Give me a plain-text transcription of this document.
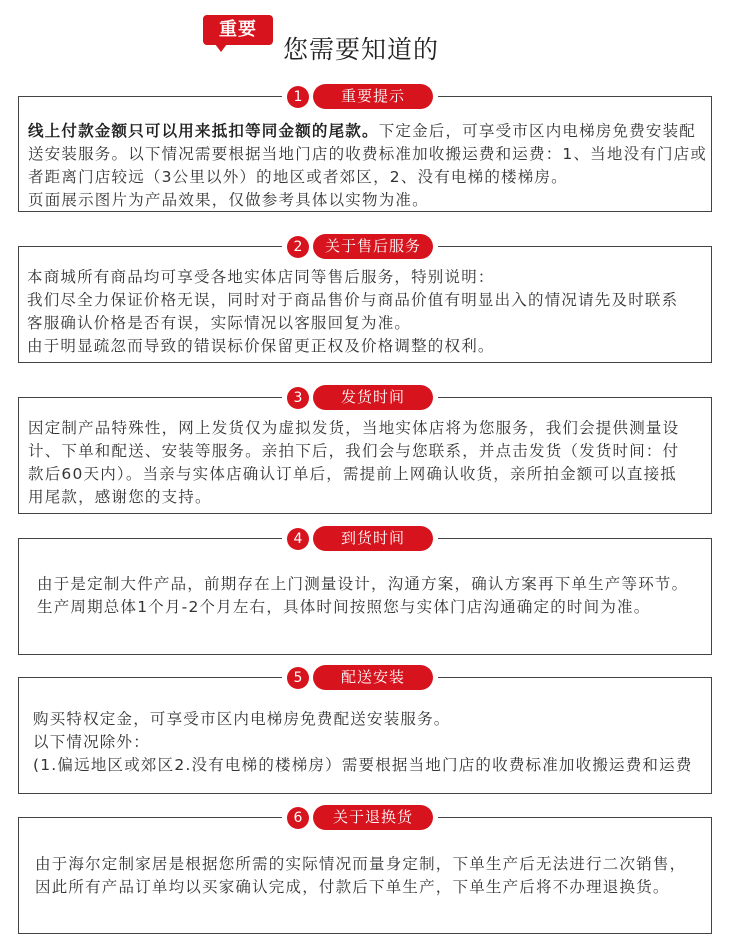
重要
您需要知道的
1	重要提示
线上付款金额只可以用来抵扣等同金额的尾款。下定金后，可享受市区内电梯房免费安装配
送安装服务。以下情况需要根据当地门店的收费标准加收搬运费和运费：1、当地没有门店或
者距离门店较远（3公里以外）的地区或者郊区，2、没有电梯的楼梯房。
页面展示图片为产品效果，仅做参考具体以实物为准。
2	关于售后服务
本商城所有商品均可享受各地实体店同等售后服务，特别说明：
我们尽全力保证价格无误，同时对于商品售价与商品价值有明显出入的情况请先及时联系
客服确认价格是否有误，实际情况以客服回复为准。
由于明显疏忽而导致的错误标价保留更正权及价格调整的权利。
3	发货时间
因定制产品特殊性，网上发货仅为虚拟发货，当地实体店将为您服务，我们会提供测量设
计、下单和配送、安装等服务。亲拍下后，我们会与您联系，并点击发货（发货时间：付
款后60天内）。当亲与实体店确认订单后，需提前上网确认收货，亲所拍金额可以直接抵
用尾款，感谢您的支持。
4	到货时间
由于是定制大件产品，前期存在上门测量设计，沟通方案，确认方案再下单生产等环节。
生产周期总体1个月-2个月左右，具体时间按照您与实体门店沟通确定的时间为准。
5	配送安装
购买特权定金，可享受市区内电梯房免费配送安装服务。
以下情况除外：
(1.偏远地区或郊区2.没有电梯的楼梯房）需要根据当地门店的收费标准加收搬运费和运费
6	关于退换货
由于海尔定制家居是根据您所需的实际情况而量身定制，下单生产后无法进行二次销售，
因此所有产品订单均以买家确认完成，付款后下单生产，下单生产后将不办理退换货。
